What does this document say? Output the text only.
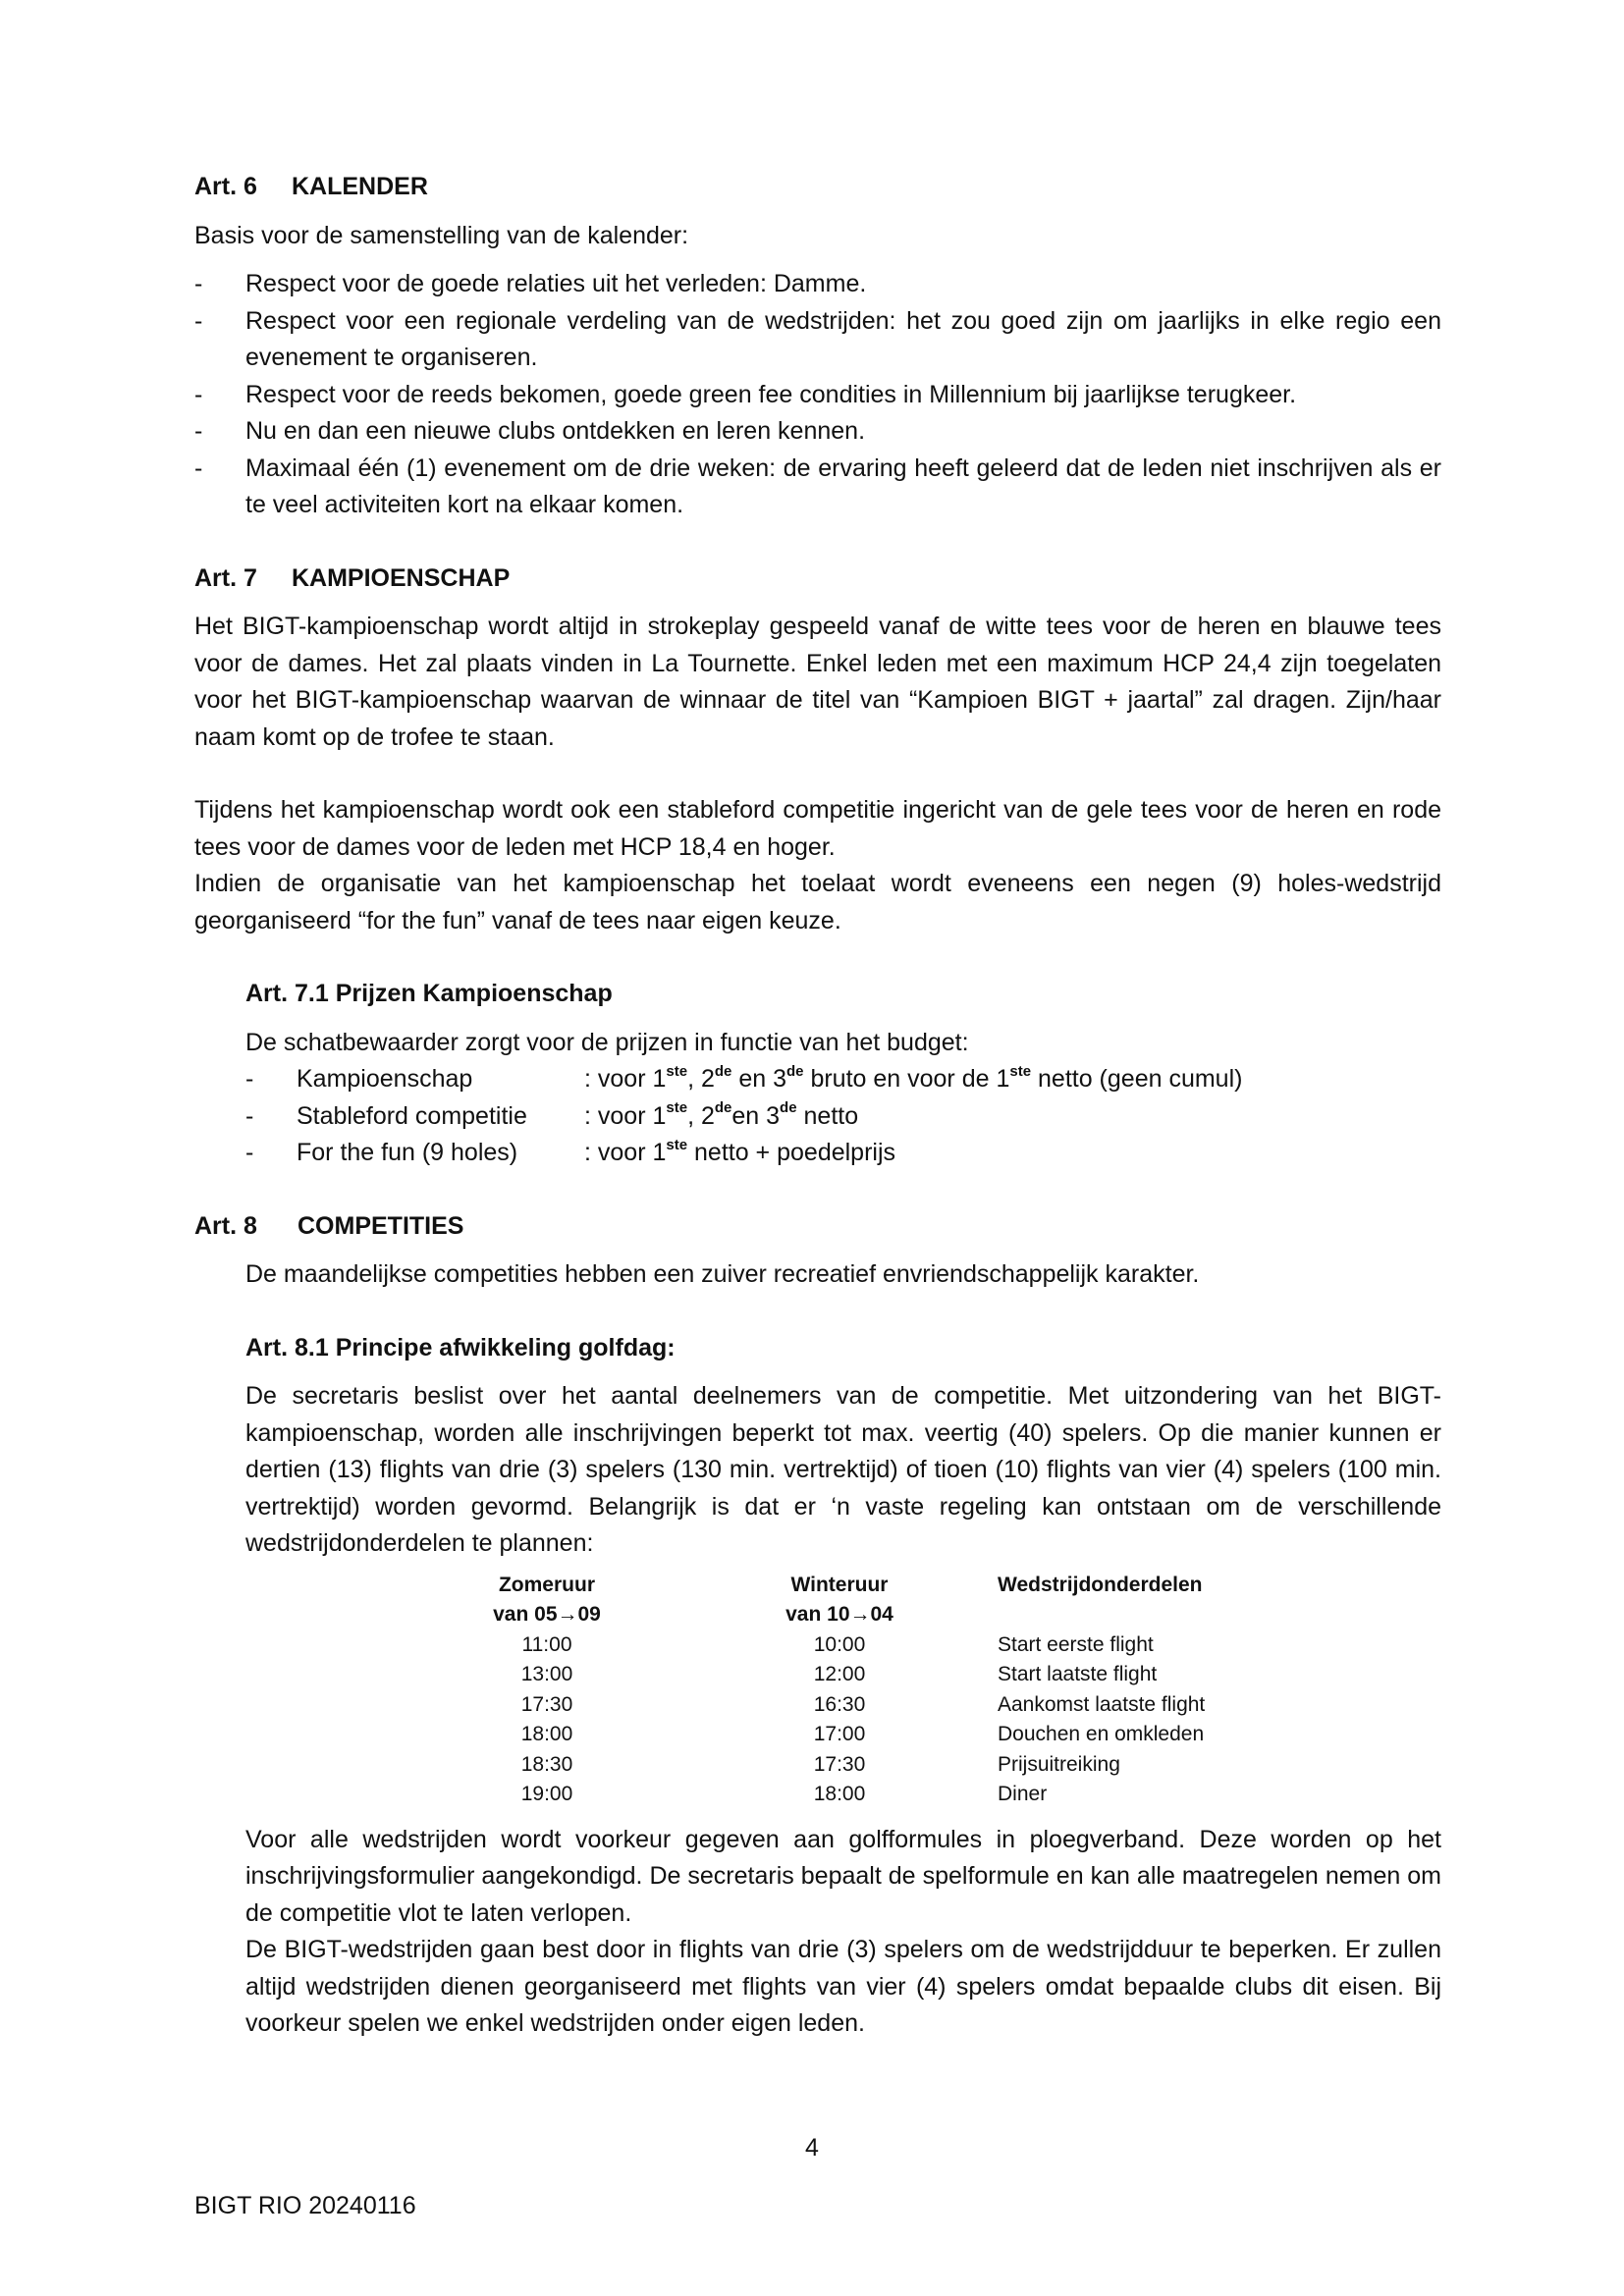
Art. 6 KALENDER

Basis voor de samenstelling van de kalender:

- Respect voor de goede relaties uit het verleden: Damme.
- Respect voor een regionale verdeling van de wedstrijden: het zou goed zijn om jaarlijks in elke regio een evenement te organiseren.
- Respect voor de reeds bekomen, goede green fee condities in Millennium bij jaarlijkse terugkeer.
- Nu en dan een nieuwe clubs ontdekken en leren kennen.
- Maximaal één (1) evenement om de drie weken: de ervaring heeft geleerd dat de leden niet inschrijven als er te veel activiteiten kort na elkaar komen.
Art. 7 KAMPIOENSCHAP

Het BIGT-kampioenschap wordt altijd in strokeplay gespeeld vanaf de witte tees voor de heren en blauwe tees voor de dames. Het zal plaats vinden in La Tournette. Enkel leden met een maximum HCP 24,4 zijn toegelaten voor het BIGT-kampioenschap waarvan de winnaar de titel van “Kampioen BIGT + jaartal” zal dragen. Zijn/haar naam komt op de trofee te staan.

Tijdens het kampioenschap wordt ook een stableford competitie ingericht van de gele tees voor de heren en rode tees voor de dames voor de leden met HCP 18,4 en hoger.

Indien de organisatie van het kampioenschap het toelaat wordt eveneens een negen (9) holes-wedstrijd georganiseerd “for the fun” vanaf de tees naar eigen keuze.

Art. 7.1 Prijzen Kampioenschap

De schatbewaarder zorgt voor de prijzen in functie van het budget:

- Kampioenschap	: voor 1ste, 2de en 3de bruto en voor de 1ste netto (geen cumul)
- Stableford competitie	: voor 1ste, 2deen 3de netto
- For the fun (9 holes)	: voor 1ste netto + poedelprijs
Art. 8 COMPETITIES

De maandelijkse competities hebben een zuiver recreatief envriendschappelijk karakter.

Art. 8.1 Principe afwikkeling golfdag:

De secretaris beslist over het aantal deelnemers van de competitie. Met uitzondering van het BIGT-kampioenschap, worden alle inschrijvingen beperkt tot max. veertig (40) spelers. Op die manier kunnen er dertien (13) flights van drie (3) spelers (130 min. vertrektijd) of tioen (10) flights van vier (4) spelers (100 min. vertrektijd) worden gevormd. Belangrijk is dat er ‘n vaste regeling kan ontstaan om de verschillende wedstrijdonderdelen te plannen:

Zomeruur	Winteruur	Wedstrijdonderdelen
van 05→09	van 10→04	
11:00	10:00	Start eerste flight
13:00	12:00	Start laatste flight
17:30	16:30	Aankomst laatste flight
18:00	17:00	Douchen en omkleden
18:30	17:30	Prijsuitreiking
19:00	18:00	Diner

Voor alle wedstrijden wordt voorkeur gegeven aan golfformules in ploegverband. Deze worden op het inschrijvingsformulier aangekondigd. De secretaris bepaalt de spelformule en kan alle maatregelen nemen om de competitie vlot te laten verlopen.

De BIGT-wedstrijden gaan best door in flights van drie (3) spelers om de wedstrijdduur te beperken. Er zullen altijd wedstrijden dienen georganiseerd met flights van vier (4) spelers omdat bepaalde clubs dit eisen. Bij voorkeur spelen we enkel wedstrijden onder eigen leden.

4
BIGT RIO 20240116
